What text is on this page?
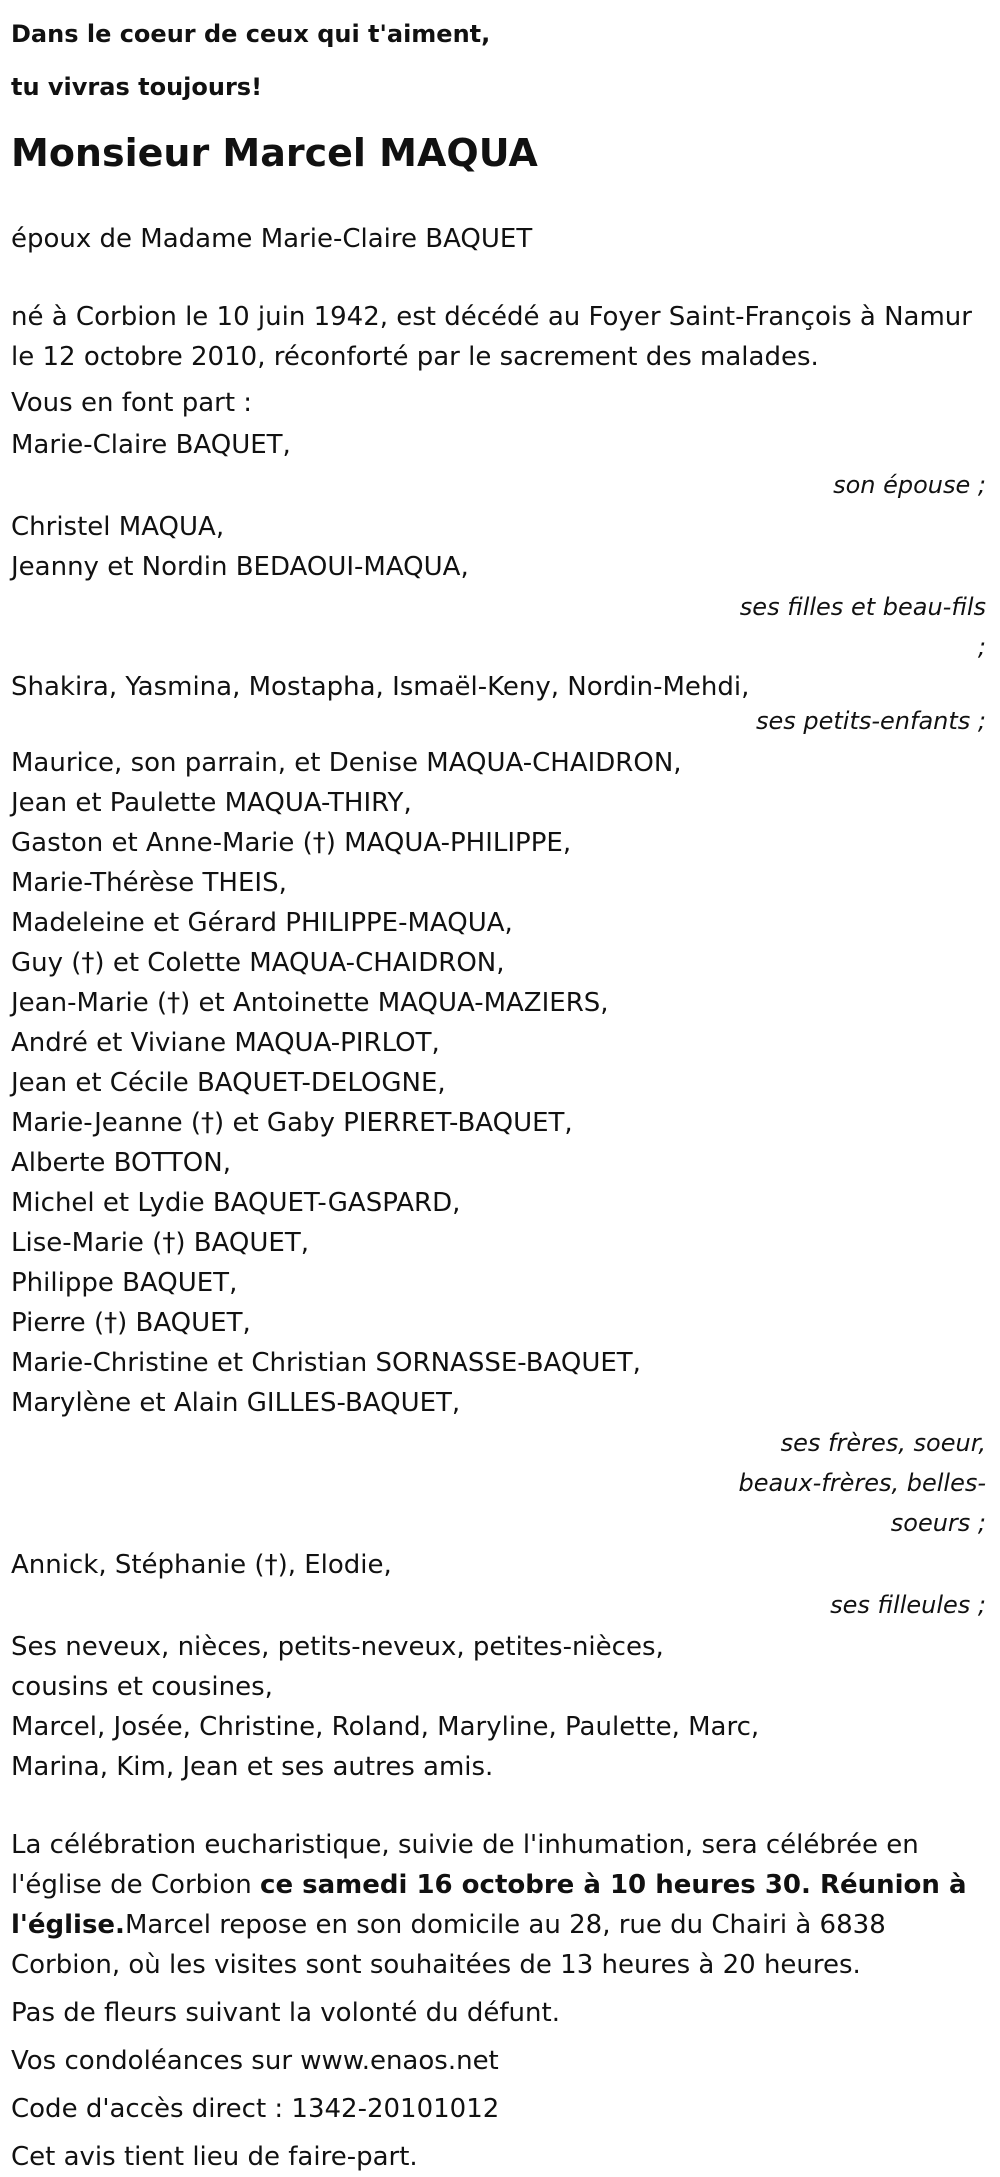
Dans le coeur de ceux qui t'aiment,
tu vivras toujours!
Monsieur Marcel MAQUA
époux de Madame Marie-Claire BAQUET
né à Corbion le 10 juin 1942, est décédé au Foyer Saint-François à Namur
le 12 octobre 2010, réconforté par le sacrement des malades.
Vous en font part :
Marie-Claire BAQUET,
son épouse ;
Christel MAQUA,
Jeanny et Nordin BEDAOUI-MAQUA,
ses filles et beau-fils
;
Shakira, Yasmina, Mostapha, Ismaël-Keny, Nordin-Mehdi,
ses petits-enfants ;
Maurice, son parrain, et Denise MAQUA-CHAIDRON,
Jean et Paulette MAQUA-THIRY,
Gaston et Anne-Marie (†) MAQUA-PHILIPPE,
Marie-Thérèse THEIS,
Madeleine et Gérard PHILIPPE-MAQUA,
Guy (†) et Colette MAQUA-CHAIDRON,
Jean-Marie (†) et Antoinette MAQUA-MAZIERS,
André et Viviane MAQUA-PIRLOT,
Jean et Cécile BAQUET-DELOGNE,
Marie-Jeanne (†) et Gaby PIERRET-BAQUET,
Alberte BOTTON,
Michel et Lydie BAQUET-GASPARD,
Lise-Marie (†) BAQUET,
Philippe BAQUET,
Pierre (†) BAQUET,
Marie-Christine et Christian SORNASSE-BAQUET,
Marylène et Alain GILLES-BAQUET,
ses frères, soeur,
beaux-frères, belles-
soeurs ;
Annick, Stéphanie (†), Elodie,
ses filleules ;
Ses neveux, nièces, petits-neveux, petites-nièces,
cousins et cousines,
Marcel, Josée, Christine, Roland, Maryline, Paulette, Marc,
Marina, Kim, Jean et ses autres amis.
La célébration eucharistique, suivie de l'inhumation, sera célébrée en
l'église de Corbion ce samedi 16 octobre à 10 heures 30. Réunion à
l'église.Marcel repose en son domicile au 28, rue du Chairi à 6838
Corbion, où les visites sont souhaitées de 13 heures à 20 heures.
Pas de fleurs suivant la volonté du défunt.
Vos condoléances sur www.enaos.net
Code d'accès direct : 1342-20101012
Cet avis tient lieu de faire-part.
